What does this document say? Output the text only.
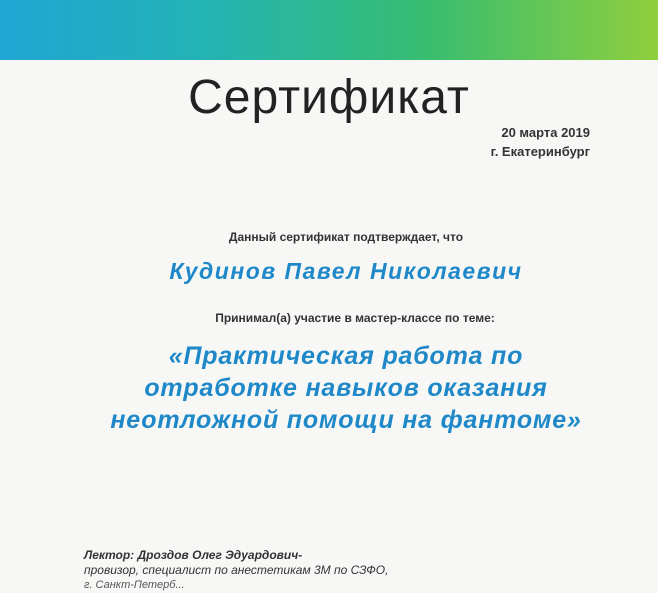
Сертификат
20 марта 2019
г. Екатеринбург
Данный сертификат подтверждает, что
Кудинов Павел Николаевич
Принимал(а) участие в мастер-классе по теме:
«Практическая работа по
отработке навыков оказания
неотложной помощи на фантоме»
Лектор: Дроздов Олег Эдуардович-
провизор, специалист по анестетикам 3М по СЗФО,
г. Санкт-Петерб...
